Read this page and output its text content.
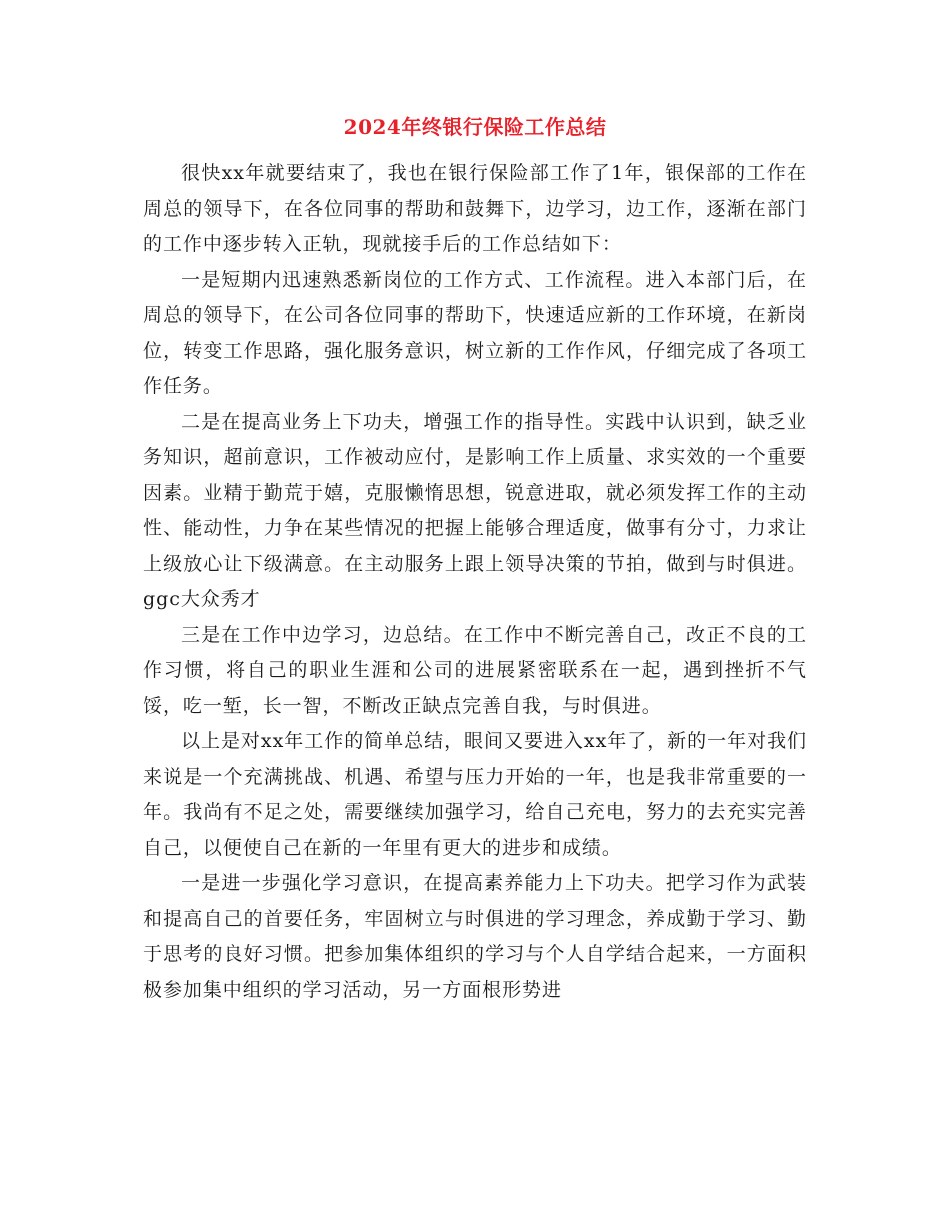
2024年终银行保险工作总结

很快xx年就要结束了，我也在银行保险部工作了1年，银保部的工作在周总的领导下，在各位同事的帮助和鼓舞下，边学习，边工作，逐渐在部门的工作中逐步转入正轨，现就接手后的工作总结如下：

一是短期内迅速熟悉新岗位的工作方式、工作流程。进入本部门后，在周总的领导下，在公司各位同事的帮助下，快速适应新的工作环境，在新岗位，转变工作思路，强化服务意识，树立新的工作作风，仔细完成了各项工作任务。

二是在提高业务上下功夫，增强工作的指导性。实践中认识到，缺乏业务知识，超前意识，工作被动应付，是影响工作上质量、求实效的一个重要因素。业精于勤荒于嬉，克服懒惰思想，锐意进取，就必须发挥工作的主动性、能动性，力争在某些情况的把握上能够合理适度，做事有分寸，力求让上级放心让下级满意。在主动服务上跟上领导决策的节拍，做到与时俱进。ggc大众秀才

三是在工作中边学习，边总结。在工作中不断完善自己，改正不良的工作习惯，将自己的职业生涯和公司的进展紧密联系在一起，遇到挫折不气馁，吃一堑，长一智，不断改正缺点完善自我，与时俱进。

以上是对xx年工作的简单总结，眼间又要进入xx年了，新的一年对我们来说是一个充满挑战、机遇、希望与压力开始的一年，也是我非常重要的一年。我尚有不足之处，需要继续加强学习，给自己充电，努力的去充实完善自己，以便使自己在新的一年里有更大的进步和成绩。

一是进一步强化学习意识，在提高素养能力上下功夫。把学习作为武装和提高自己的首要任务，牢固树立与时俱进的学习理念，养成勤于学习、勤于思考的良好习惯。把参加集体组织的学习与个人自学结合起来，一方面积极参加集中组织的学习活动，另一方面根形势进
